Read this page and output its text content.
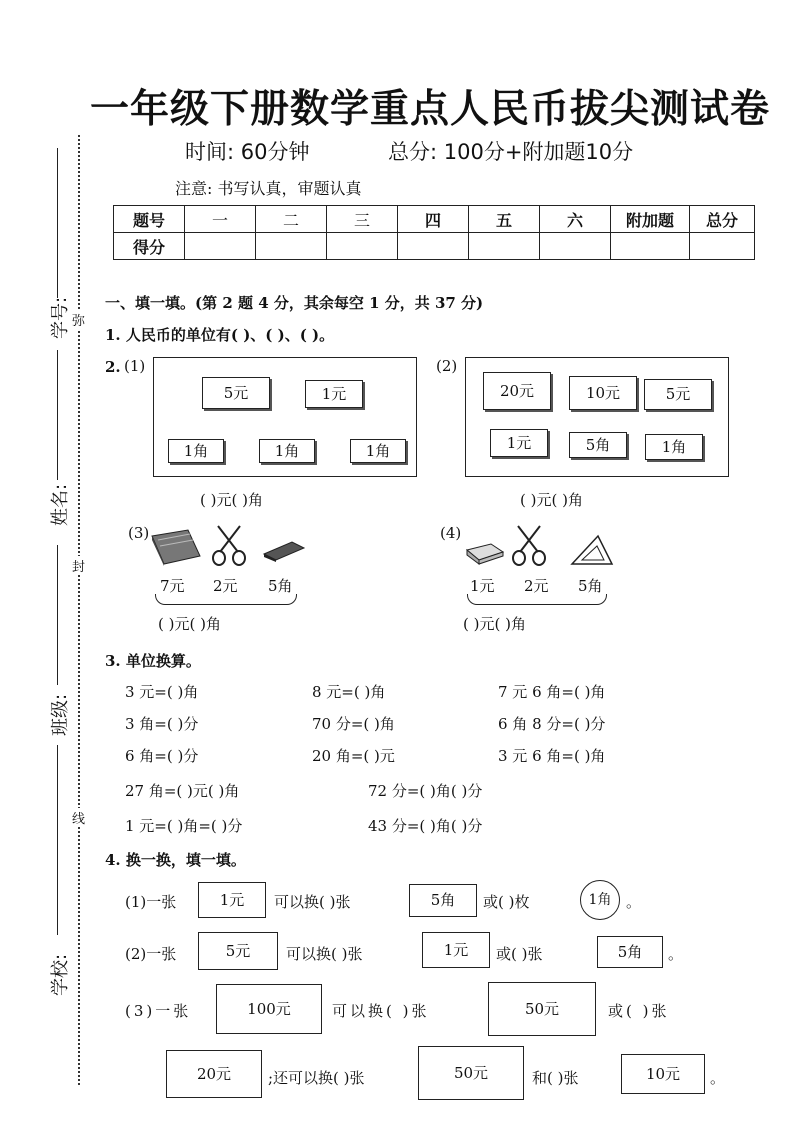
学号:
姓名:
班级:
学校:
弥
封
线
一年级下册数学重点人民币拔尖测试卷
时间: 60分钟	总分: 100分+附加题10分
注意: 书写认真，审题认真
题号	一	二	三	四	五	六	附加题	总分
得分								
一、填一填。(第 2 题 4 分，其余每空 1 分，共 37 分)
1. 人民币的单位有( )、( )、( )。
2. (1)
5元	1元
1角	1角	1角
( )元( )角
(2)
20元	10元	5元
1元	5角	1角
( )元( )角
(3)
7元 2元 5角
( )元( )角
(4)
1元 2元 5角
( )元( )角
3. 单位换算。
3 元=( )角	8 元=( )角	7 元 6 角=( )角
3 角=( )分	70 分=( )角	6 角 8 分=( )分
6 角=( )分	20 角=( )元	3 元 6 角=( )角
27 角=( )元( )角	72 分=( )角( )分
1 元=( )角=( )分	43 分=( )角( )分
4. 换一换，填一填。
(1)一张	1元	可以换( )张	5角	或( )枚	1角 。
(2)一张	5元	可以换( )张	1元	或( )张	5角	。
(3)一张	100元	可以换( )张	50元	或( )张
20元	;还可以换( )张	50元	和( )张	10元	。
